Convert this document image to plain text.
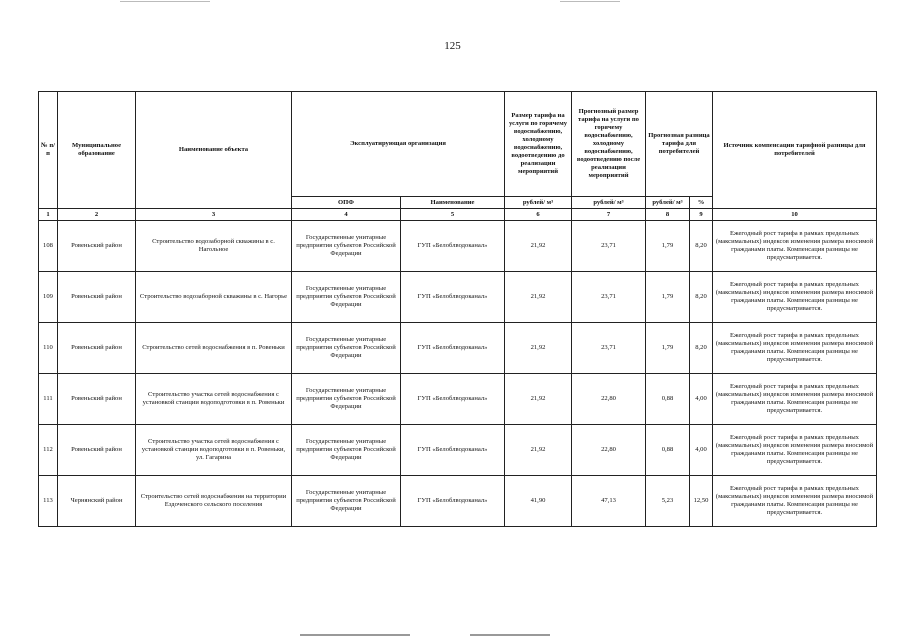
125
№ п/п	Муниципальное образование	Наименование объекта	Эксплуатирующая организация		Размер тарифа на услуги по горячему водоснабжению, холодному водоснабжению, водоотведению до реализации мероприятий	Прогнозный размер тарифа на услуги по горячему водоснабжению, холодному водоснабжению, водоотведению после реализации мероприятий	Прогнозная разница тарифа для потребителей		Источник компенсации тарифной разницы для потребителей
			ОПФ	Наименование	рублей/ м³	рублей/ м³	рублей/ м³	%	
1	2	3	4	5	6	7	8	9	10
108	Ровеньский район	Строительство водозаборной скважины в с. Нагольное	Государственные унитарные предприятия субъектов Российской Федерации	ГУП «Белоблводоканал»	21,92	23,71	1,79	8,20	Ежегодный рост тарифа в рамках предельных (максимальных) индексов изменения размера вносимой гражданами платы. Компенсация разницы не предусматривается.
109	Ровеньский район	Строительство водозаборной скважины в с. Нагорье	Государственные унитарные предприятия субъектов Российской Федерации	ГУП «Белоблводоканал»	21,92	23,71	1,79	8,20	Ежегодный рост тарифа в рамках предельных (максимальных) индексов изменения размера вносимой гражданами платы. Компенсация разницы не предусматривается.
110	Ровеньский район	Строительство сетей водоснабжения в п. Ровеньки	Государственные унитарные предприятия субъектов Российской Федерации	ГУП «Белоблводоканал»	21,92	23,71	1,79	8,20	Ежегодный рост тарифа в рамках предельных (максимальных) индексов изменения размера вносимой гражданами платы. Компенсация разницы не предусматривается.
111	Ровеньский район	Строительство участка сетей водоснабжения с установкой станции водоподготовки в п. Ровеньки	Государственные унитарные предприятия субъектов Российской Федерации	ГУП «Белоблводоканал»	21,92	22,80	0,88	4,00	Ежегодный рост тарифа в рамках предельных (максимальных) индексов изменения размера вносимой гражданами платы. Компенсация разницы не предусматривается.
112	Ровеньский район	Строительство участка сетей водоснабжения с установкой станции водоподготовки в п. Ровеньки, ул. Гагарина	Государственные унитарные предприятия субъектов Российской Федерации	ГУП «Белоблводоканал»	21,92	22,80	0,88	4,00	Ежегодный рост тарифа в рамках предельных (максимальных) индексов изменения размера вносимой гражданами платы. Компенсация разницы не предусматривается.
113	Чернянский район	Строительство сетей водоснабжения на территории Ездоченского сельского поселения	Государственные унитарные предприятия субъектов Российской Федерации	ГУП «Белоблводоканал»	41,90	47,13	5,23	12,50	Ежегодный рост тарифа в рамках предельных (максимальных) индексов изменения размера вносимой гражданами платы. Компенсация разницы не предусматривается.
